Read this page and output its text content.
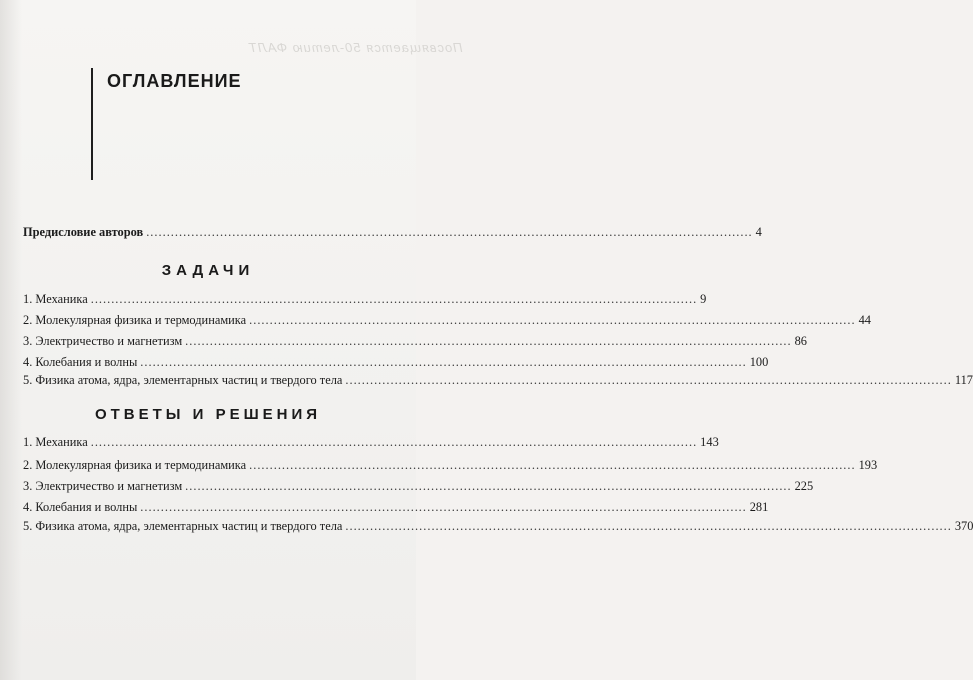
Посвящается 50-летию ФАЛТ
ОГЛАВЛЕНИЕ
Предисловие авторов .....	4
ЗАДАЧИ
1. Механика .....	9
2. Молекулярная физика и термодинамика .....	44
3. Электричество и магнетизм .....	86
4. Колебания и волны .....	100
5. Физика атома, ядра, элементарных частиц и твердого тела .....	117
ОТВЕТЫ И РЕШЕНИЯ
1. Механика .....	143
2. Молекулярная физика и термодинамика .....	193
3. Электричество и магнетизм .....	225
4. Колебания и волны .....	281
5. Физика атома, ядра, элементарных частиц и твердого тела .....	370
